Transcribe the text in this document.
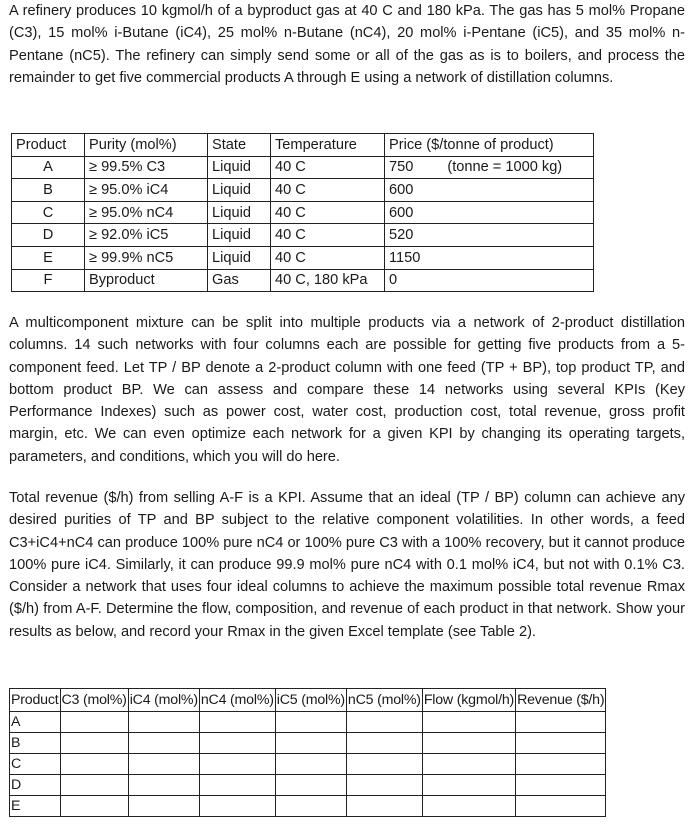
A refinery produces 10 kgmol/h of a byproduct gas at 40 C and 180 kPa. The gas has 5 mol% Propane (C3), 15 mol% i-Butane (iC4), 25 mol% n-Butane (nC4), 20 mol% i-Pentane (iC5), and 35 mol% n-Pentane (nC5). The refinery can simply send some or all of the gas as is to boilers, and process the remainder to get five commercial products A through E using a network of distillation columns.

Product	Purity (mol%)	State	Temperature	Price ($/tonne of product)
A	≥ 99.5% C3	Liquid	40 C	750 (tonne = 1000 kg)
B	≥ 95.0% iC4	Liquid	40 C	600
C	≥ 95.0% nC4	Liquid	40 C	600
D	≥ 92.0% iC5	Liquid	40 C	520
E	≥ 99.9% nC5	Liquid	40 C	1150
F	Byproduct	Gas	40 C, 180 kPa	0

A multicomponent mixture can be split into multiple products via a network of 2-product distillation columns. 14 such networks with four columns each are possible for getting five products from a 5-component feed. Let TP / BP denote a 2-product column with one feed (TP + BP), top product TP, and bottom product BP. We can assess and compare these 14 networks using several KPIs (Key Performance Indexes) such as power cost, water cost, production cost, total revenue, gross profit margin, etc. We can even optimize each network for a given KPI by changing its operating targets, parameters, and conditions, which you will do here.

Total revenue ($/h) from selling A-F is a KPI. Assume that an ideal (TP / BP) column can achieve any desired purities of TP and BP subject to the relative component volatilities. In other words, a feed C3+iC4+nC4 can produce 100% pure nC4 or 100% pure C3 with a 100% recovery, but it cannot produce 100% pure iC4. Similarly, it can produce 99.9 mol% pure nC4 with 0.1 mol% iC4, but not with 0.1% C3. Consider a network that uses four ideal columns to achieve the maximum possible total revenue Rmax ($/h) from A-F. Determine the flow, composition, and revenue of each product in that network. Show your results as below, and record your Rmax in the given Excel template (see Table 2).

Product	C3 (mol%)	iC4 (mol%)	nC4 (mol%)	iC5 (mol%)	nC5 (mol%)	Flow (kgmol/h)	Revenue ($/h)
A							
B							
C							
D							
E							
